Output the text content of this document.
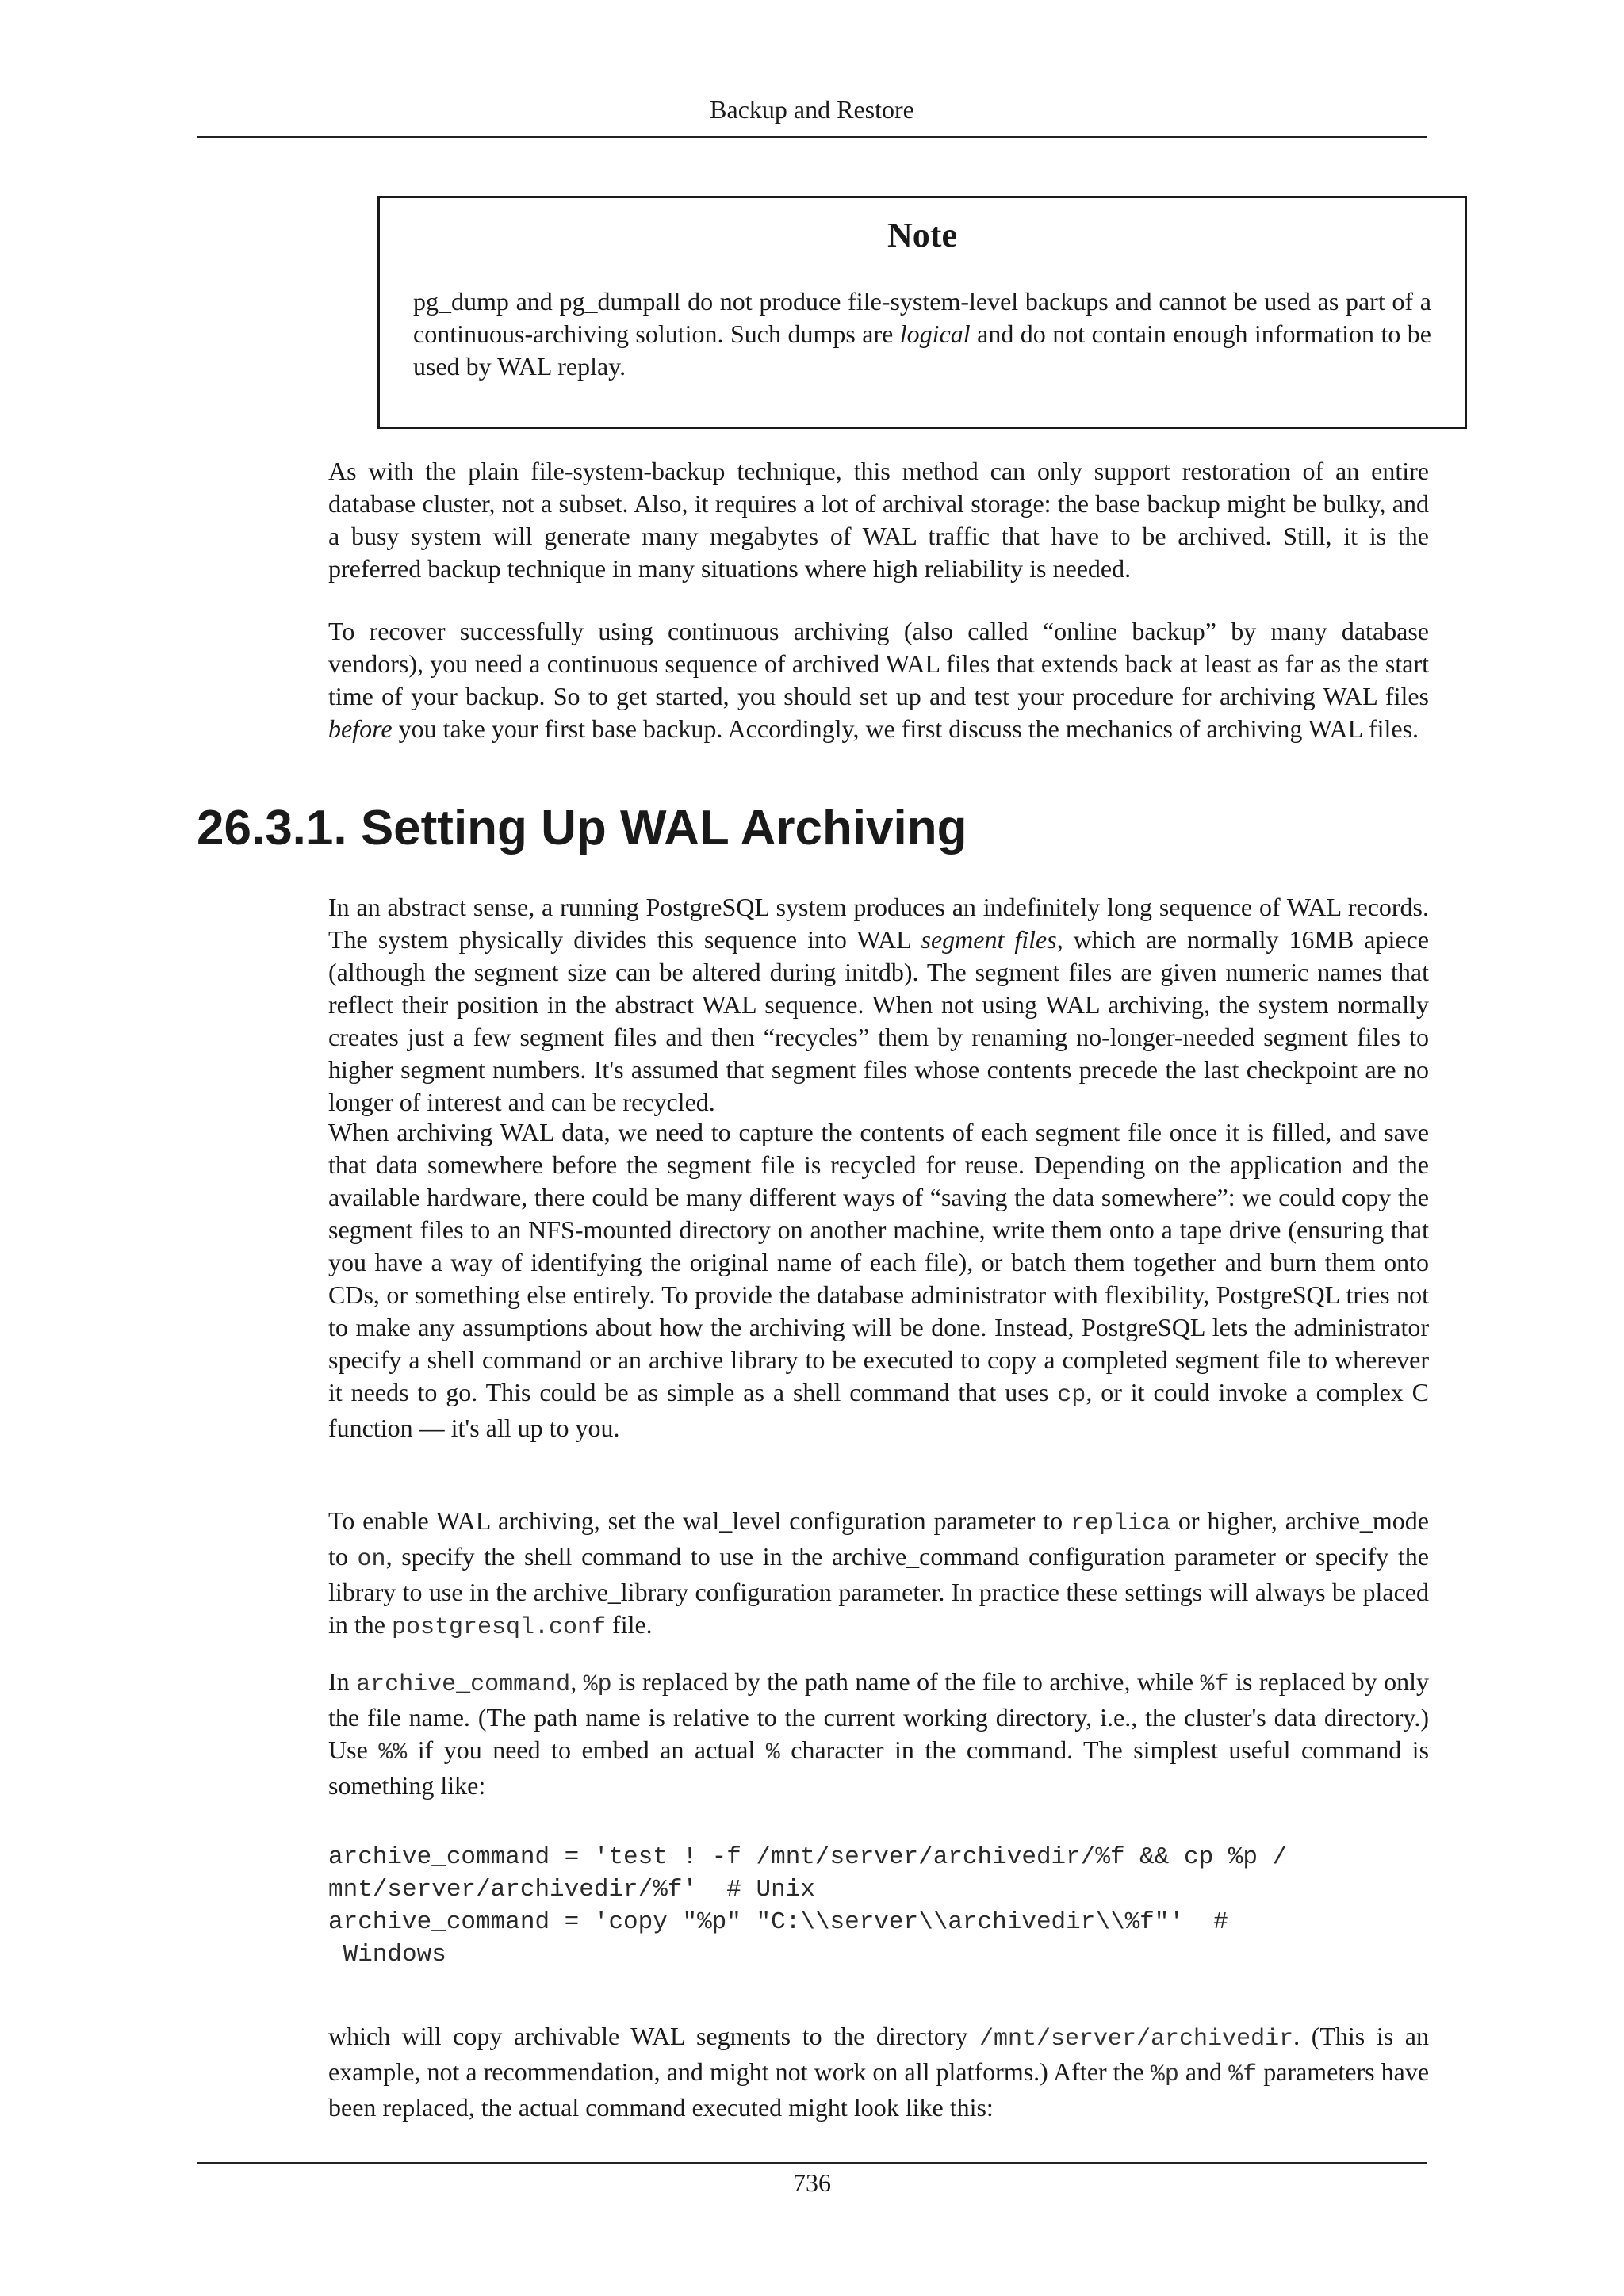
Backup and Restore
Note

pg_dump and pg_dumpall do not produce file-system-level backups and cannot be used as part of a continuous-archiving solution. Such dumps are logical and do not contain enough information to be used by WAL replay.

As with the plain file-system-backup technique, this method can only support restoration of an entire database cluster, not a subset. Also, it requires a lot of archival storage: the base backup might be bulky, and a busy system will generate many megabytes of WAL traffic that have to be archived. Still, it is the preferred backup technique in many situations where high reliability is needed.

To recover successfully using continuous archiving (also called “online backup” by many database vendors), you need a continuous sequence of archived WAL files that extends back at least as far as the start time of your backup. So to get started, you should set up and test your procedure for archiving WAL files before you take your first base backup. Accordingly, we first discuss the mechanics of archiving WAL files.

26.3.1. Setting Up WAL Archiving

In an abstract sense, a running PostgreSQL system produces an indefinitely long sequence of WAL records. The system physically divides this sequence into WAL segment files, which are normally 16MB apiece (although the segment size can be altered during initdb). The segment files are given numeric names that reflect their position in the abstract WAL sequence. When not using WAL archiving, the system normally creates just a few segment files and then “recycles” them by renaming no-longer-needed segment files to higher segment numbers. It's assumed that segment files whose contents precede the last checkpoint are no longer of interest and can be recycled.

When archiving WAL data, we need to capture the contents of each segment file once it is filled, and save that data somewhere before the segment file is recycled for reuse. Depending on the application and the available hardware, there could be many different ways of “saving the data somewhere”: we could copy the segment files to an NFS-mounted directory on another machine, write them onto a tape drive (ensuring that you have a way of identifying the original name of each file), or batch them together and burn them onto CDs, or something else entirely. To provide the database administrator with flexibility, PostgreSQL tries not to make any assumptions about how the archiving will be done. Instead, PostgreSQL lets the administrator specify a shell command or an archive library to be executed to copy a completed segment file to wherever it needs to go. This could be as simple as a shell command that uses cp, or it could invoke a complex C function — it's all up to you.

To enable WAL archiving, set the wal_level configuration parameter to replica or higher, archive_mode to on, specify the shell command to use in the archive_command configuration parameter or specify the library to use in the archive_library configuration parameter. In practice these settings will always be placed in the postgresql.conf file.

In archive_command, %p is replaced by the path name of the file to archive, while %f is replaced by only the file name. (The path name is relative to the current working directory, i.e., the cluster's data directory.) Use %% if you need to embed an actual % character in the command. The simplest useful command is something like:

archive_command = 'test ! -f /mnt/server/archivedir/%f && cp %p /
mnt/server/archivedir/%f'  # Unix
archive_command = 'copy "%p" "C:\\server\\archivedir\\%f"'  #
Windows

which will copy archivable WAL segments to the directory /mnt/server/archivedir. (This is an example, not a recommendation, and might not work on all platforms.) After the %p and %f parameters have been replaced, the actual command executed might look like this:

736
